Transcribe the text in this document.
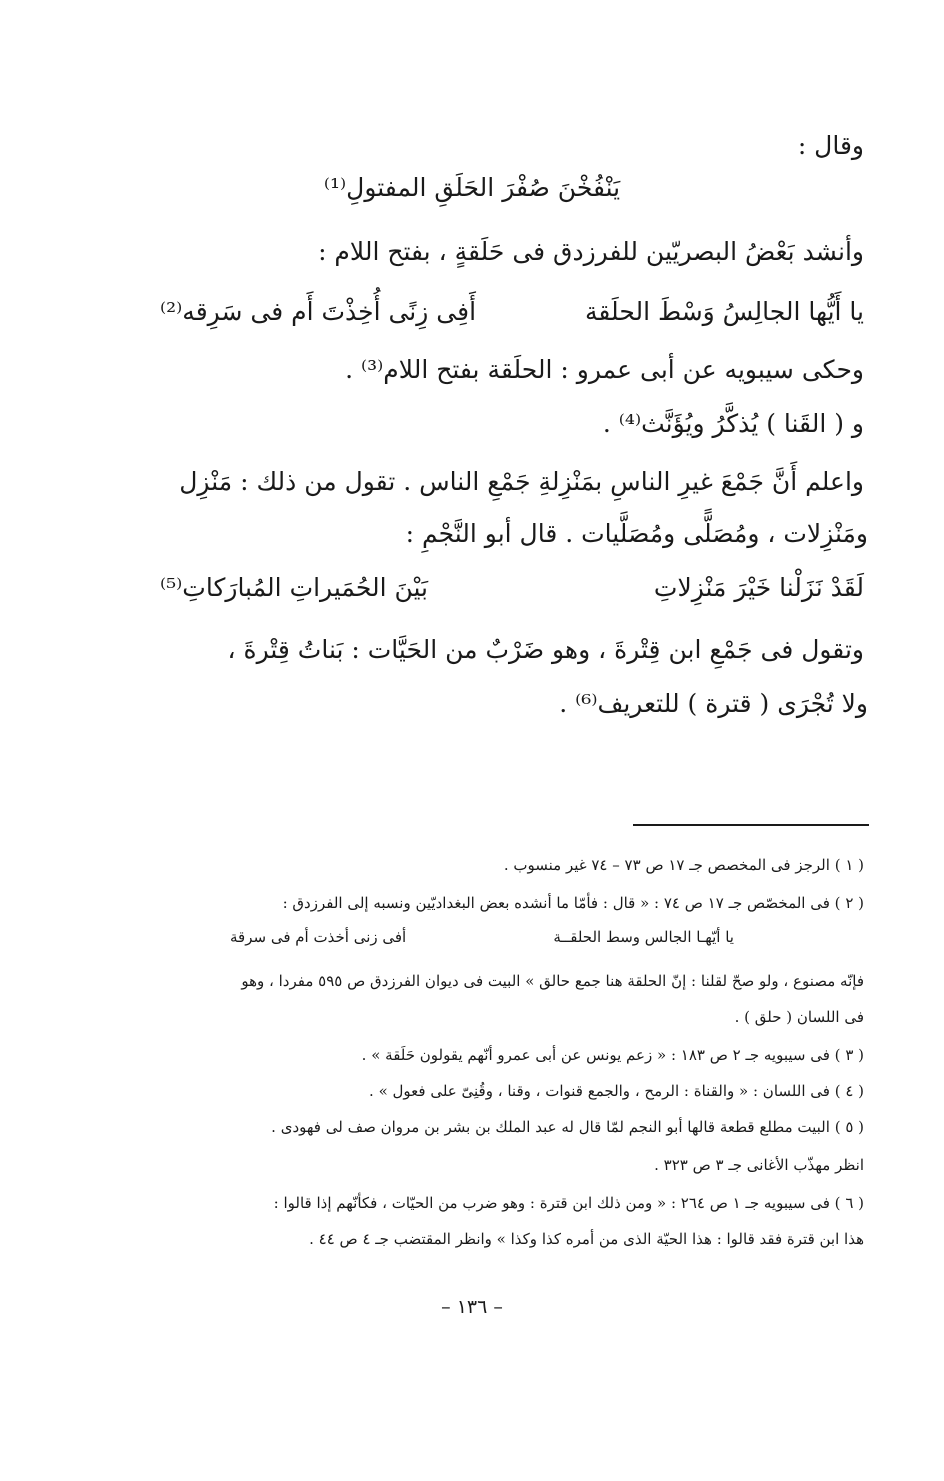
وقال :
يَنْفُخْنَ صُفْرَ الحَلَقِ المفتولِ⁽¹⁾
وأنشد بَعْضُ البصريّين للفرزدق فى حَلَقةٍ ، بفتح اللام :
يا أَيُّها الجالِسُ وَسْطَ الحلَقة
أَفِى زِنًى أُخِذْتَ أَم فى سَرِقه⁽²⁾
وحكى سيبويه عن أبى عمرو : الحلَقة بفتح اللام⁽³⁾ .
و ( القَنا ) يُذكَّرُ ويُؤَنَّث⁽⁴⁾ .
واعلم أَنَّ جَمْعَ غيرِ الناسِ بمَنْزِلةِ جَمْعِ الناس . تقول من ذلك : مَنْزِل
ومَنْزِلات ، ومُصَلًّى ومُصَلَّيات . قال أبو النَّجْمِ :
لَقَدْ نَزَلْنا خَيْرَ مَنْزِلاتِ
بَيْنَ الحُمَيراتِ المُبارَكاتِ⁽⁵⁾
وتقول فى جَمْعِ ابن قِتْرةَ ، وهو ضَرْبٌ من الحَيَّات : بَناتُ قِتْرةَ ،
ولا تُجْرَى ( قترة ) للتعريف⁽⁶⁾ .
( ١ ) الرجز فى المخصص جـ ١٧ ص ٧٣ – ٧٤ غير منسوب .
( ٢ ) فى المخصّص جـ ١٧ ص ٧٤ : « قال : فأمّا ما أنشده بعض البغداديّين ونسبه إلى الفرزدق :
يا أيّهـا الجالس وسط الحلقــة
أفى زنى أخذت أم فى سرقة
فإنّه مصنوع ، ولو صحّ لقلنا : إنّ الحلقة هنا جمع حالق » البيت فى ديوان الفرزدق ص ٥٩٥ مفردا ، وهو
فى اللسان ( حلق ) .
( ٣ ) فى سيبويه جـ ٢ ص ١٨٣ : « زعم يونس عن أبى عمرو أنّهم يقولون حَلَقة » .
( ٤ ) فى اللسان : « والقناة : الرمح ، والجمع قنوات ، وقنا ، وقُنِىّ على فعول » .
( ٥ ) البيت مطلع قطعة قالها أبو النجم لمّا قال له عبد الملك بن بشر بن مروان صف لى فهودى .
انظر مهذّب الأغانى جـ ٣ ص ٣٢٣ .
( ٦ ) فى سيبويه جـ ١ ص ٢٦٤ : « ومن ذلك ابن قترة : وهو ضرب من الحيّات ، فكأنّهم إذا قالوا :
هذا ابن قترة فقد قالوا : هذا الحيّة الذى من أمره كذا وكذا » وانظر المقتضب جـ ٤ ص ٤٤ .
– ١٣٦ –
